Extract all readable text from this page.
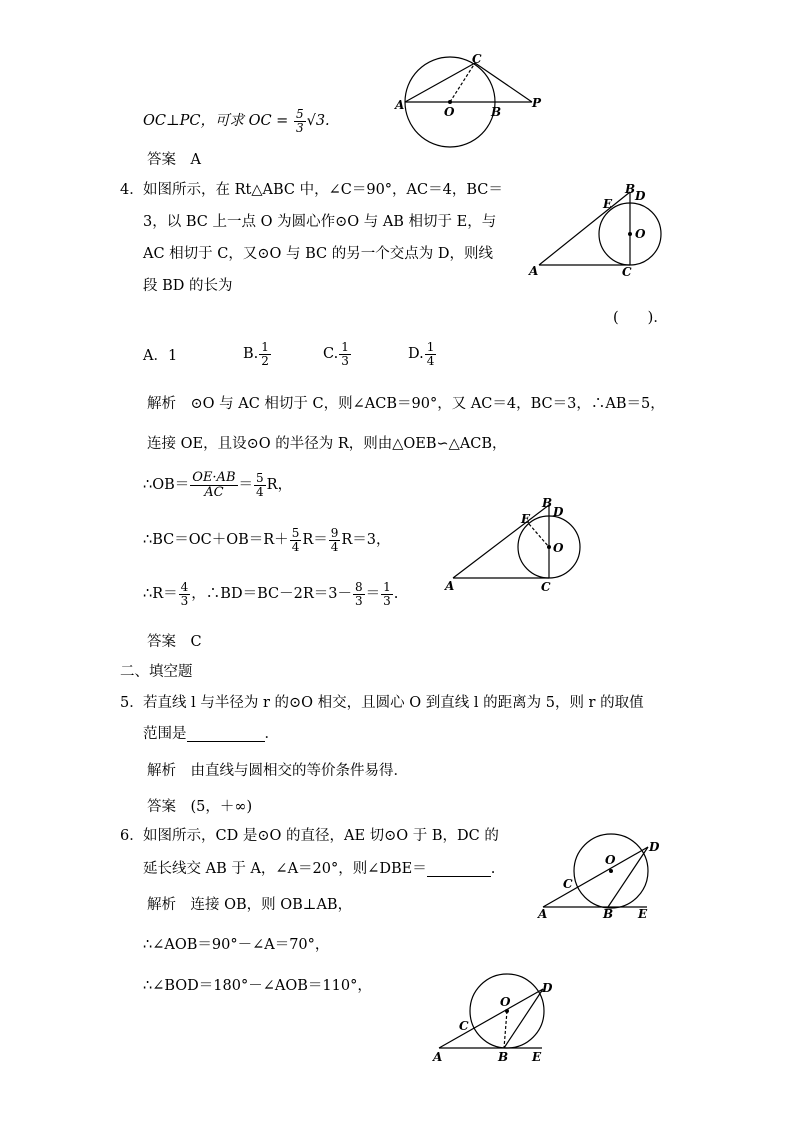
OC⊥PC，可求 OC = $\frac{5}{3} √3$.
C
A	O	B
P
答案　 A
4． 如图所示，在 Rt△ABC 中，∠C＝90°，AC＝4，BC＝
3，以 BC 上一点 O 为圆心作⊙O 与 AB 相切于 E，与
AC 相切于 C，又⊙O 与 BC 的另一个交点为 D，则线
段 BD 的长为
(　　)．
B D
E
O
A	C
A．1	B. $\frac{1}{2}$	C. $\frac{1}{3}$	D. $\frac{1}{4}$
解析　 ⊙O 与 AC 相切于 C，则∠ACB＝90°，又 AC＝4，BC＝3，∴AB＝5，
连接 OE，且设⊙O 的半径为 R，则由△OEB∽△ACB，
∴OB＝ $\frac{OE\cdot AB}{AC} = \frac{5}{4}$ R，
∴BC＝OC＋OB＝R＋ $\frac{5}{4} R= \frac{9}{4} R=3$，
∴R＝ $\frac{4}{3}$ ，∴BD＝BC－2R＝3－ $\frac{8}{3} = \frac{1}{3}$ .
B
D
E
O
A	C
答案　 C
二、填空题
5． 若直线 l 与半径为 r 的⊙O 相交，且圆心 O 到直线 l 的距离为 5，则 r 的取值
范围是	．
解析　 由直线与圆相交的等价条件易得．
答案　 (5，＋∞)
6． 如图所示，CD 是⊙O 的直径，AE 切⊙O 于 B，DC 的
延长线交 AB 于 A，∠A＝20°，则∠DBE＝	.
O
D
C
A	B E
解析　 连接 OB，则 OB⊥AB，
∴∠AOB＝90°－∠A＝70°，
∴∠BOD＝180°－∠AOB＝110°，
O
D
C
A	B E
